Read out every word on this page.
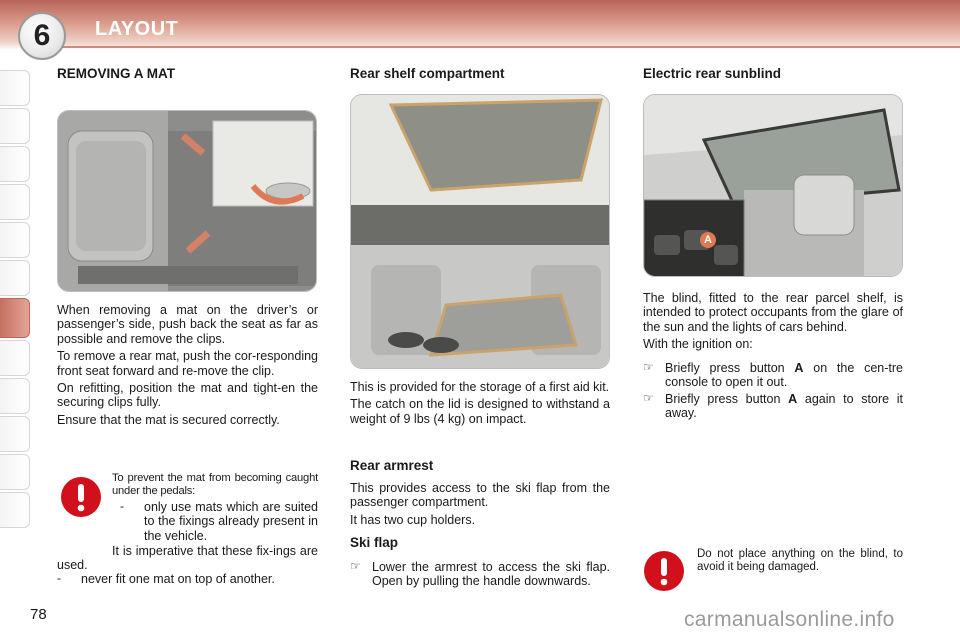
6 LAYOUT
REMOVING A MAT

When removing a mat on the driver’s or passenger’s side, push back the seat as far as possible and remove the clips.

To remove a rear mat, push the cor-responding front seat forward and re-move the clip.

On refitting, position the mat and tight-en the securing clips fully.

Ensure that the mat is secured correctly.

To prevent the mat from becoming caught under the pedals:
-	only use mats which are suited to the fixings already present in the vehicle.
It is imperative that these fix-ings are used.
-	never fit one mat on top of another.
Rear shelf compartment

This is provided for the storage of a first aid kit.

The catch on the lid is designed to withstand a weight of 9 lbs (4 kg) on impact.

Rear armrest

This provides access to the ski flap from the passenger compartment.

It has two cup holders.

Ski flap
☞ Lower the armrest to access the ski flap. Open by pulling the handle downwards.
Electric rear sunblind
A

The blind, fitted to the rear parcel shelf, is intended to protect occupants from the glare of the sun and the lights of cars behind.

With the ignition on:

☞ Briefly press button A on the cen-tre console to open it out.
☞ Briefly press button A again to store it away.
Do not place anything on the blind, to avoid it being damaged.
78	carmanualsonline.info
